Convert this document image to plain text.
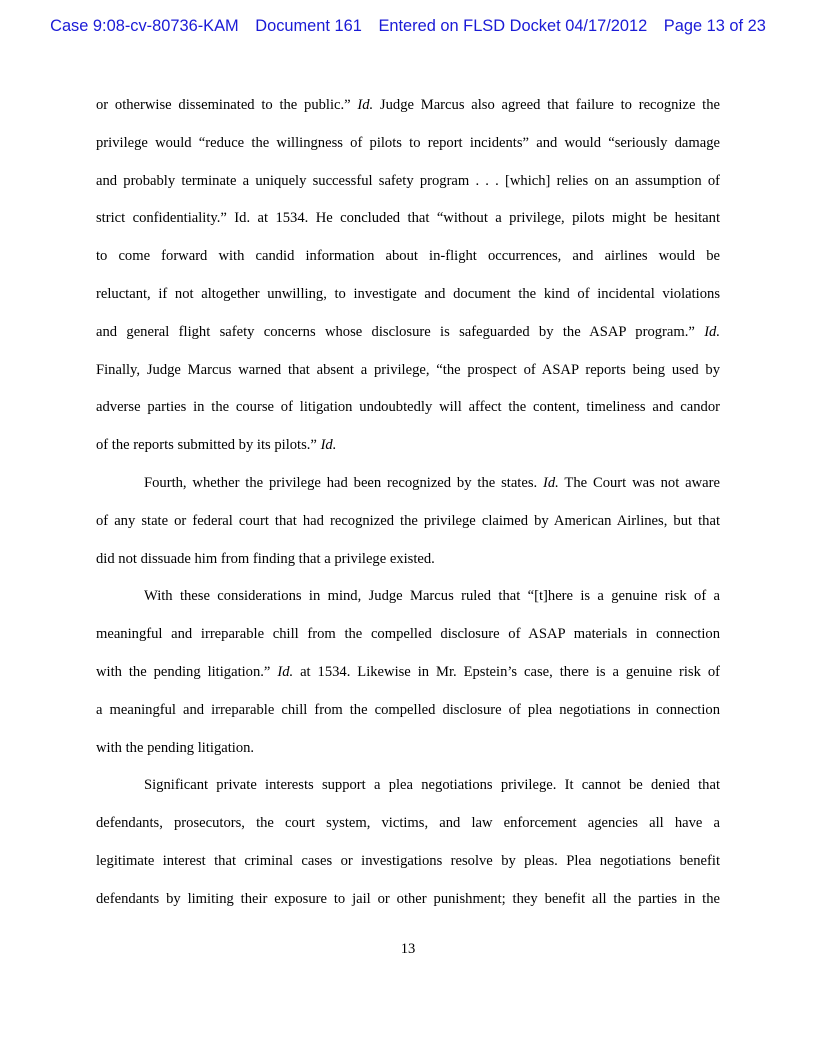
Case 9:08-cv-80736-KAM Document 161 Entered on FLSD Docket 04/17/2012 Page 13 of 23
or otherwise disseminated to the public.” Id. Judge Marcus also agreed that failure to recognize the
privilege would “reduce the willingness of pilots to report incidents” and would “seriously damage
and probably terminate a uniquely successful safety program . . . [which] relies on an assumption of
strict confidentiality.” Id. at 1534. He concluded that “without a privilege, pilots might be hesitant
to come forward with candid information about in-flight occurrences, and airlines would be
reluctant, if not altogether unwilling, to investigate and document the kind of incidental violations
and general flight safety concerns whose disclosure is safeguarded by the ASAP program.” Id.
Finally, Judge Marcus warned that absent a privilege, “the prospect of ASAP reports being used by
adverse parties in the course of litigation undoubtedly will affect the content, timeliness and candor
of the reports submitted by its pilots.” Id.
Fourth, whether the privilege had been recognized by the states. Id. The Court was not aware
of any state or federal court that had recognized the privilege claimed by American Airlines, but that
did not dissuade him from finding that a privilege existed.
With these considerations in mind, Judge Marcus ruled that “[t]here is a genuine risk of a
meaningful and irreparable chill from the compelled disclosure of ASAP materials in connection
with the pending litigation.” Id. at 1534. Likewise in Mr. Epstein’s case, there is a genuine risk of
a meaningful and irreparable chill from the compelled disclosure of plea negotiations in connection
with the pending litigation.
Significant private interests support a plea negotiations privilege. It cannot be denied that
defendants, prosecutors, the court system, victims, and law enforcement agencies all have a
legitimate interest that criminal cases or investigations resolve by pleas. Plea negotiations benefit
defendants by limiting their exposure to jail or other punishment; they benefit all the parties in the
13
